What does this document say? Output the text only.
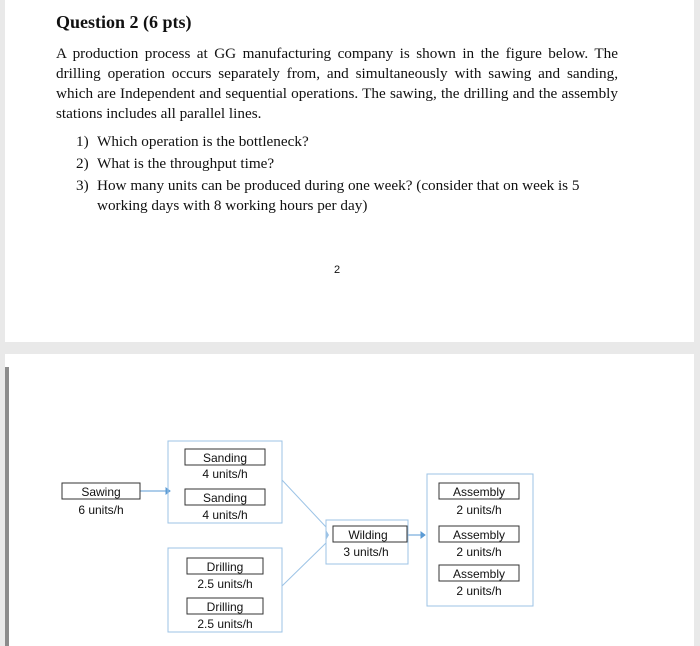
Question 2 (6 pts)

A production process at GG manufacturing company is shown in the figure below. The drilling operation occurs separately from, and simultaneously with sawing and sanding, which are Independent and sequential operations. The sawing, the drilling and the assembly stations includes all parallel lines.

1) Which operation is the bottleneck?
2) What is the throughput time?
3) How many units can be produced during one week? (consider that on week is 5 working days with 8 working hours per day)
2
Sawing
6 units/h
Sanding
4 units/h
Sanding
4 units/h
Drilling
2.5 units/h
Drilling
2.5 units/h
Wilding
3 units/h
Assembly
2 units/h
Assembly
2 units/h
Assembly
2 units/h
